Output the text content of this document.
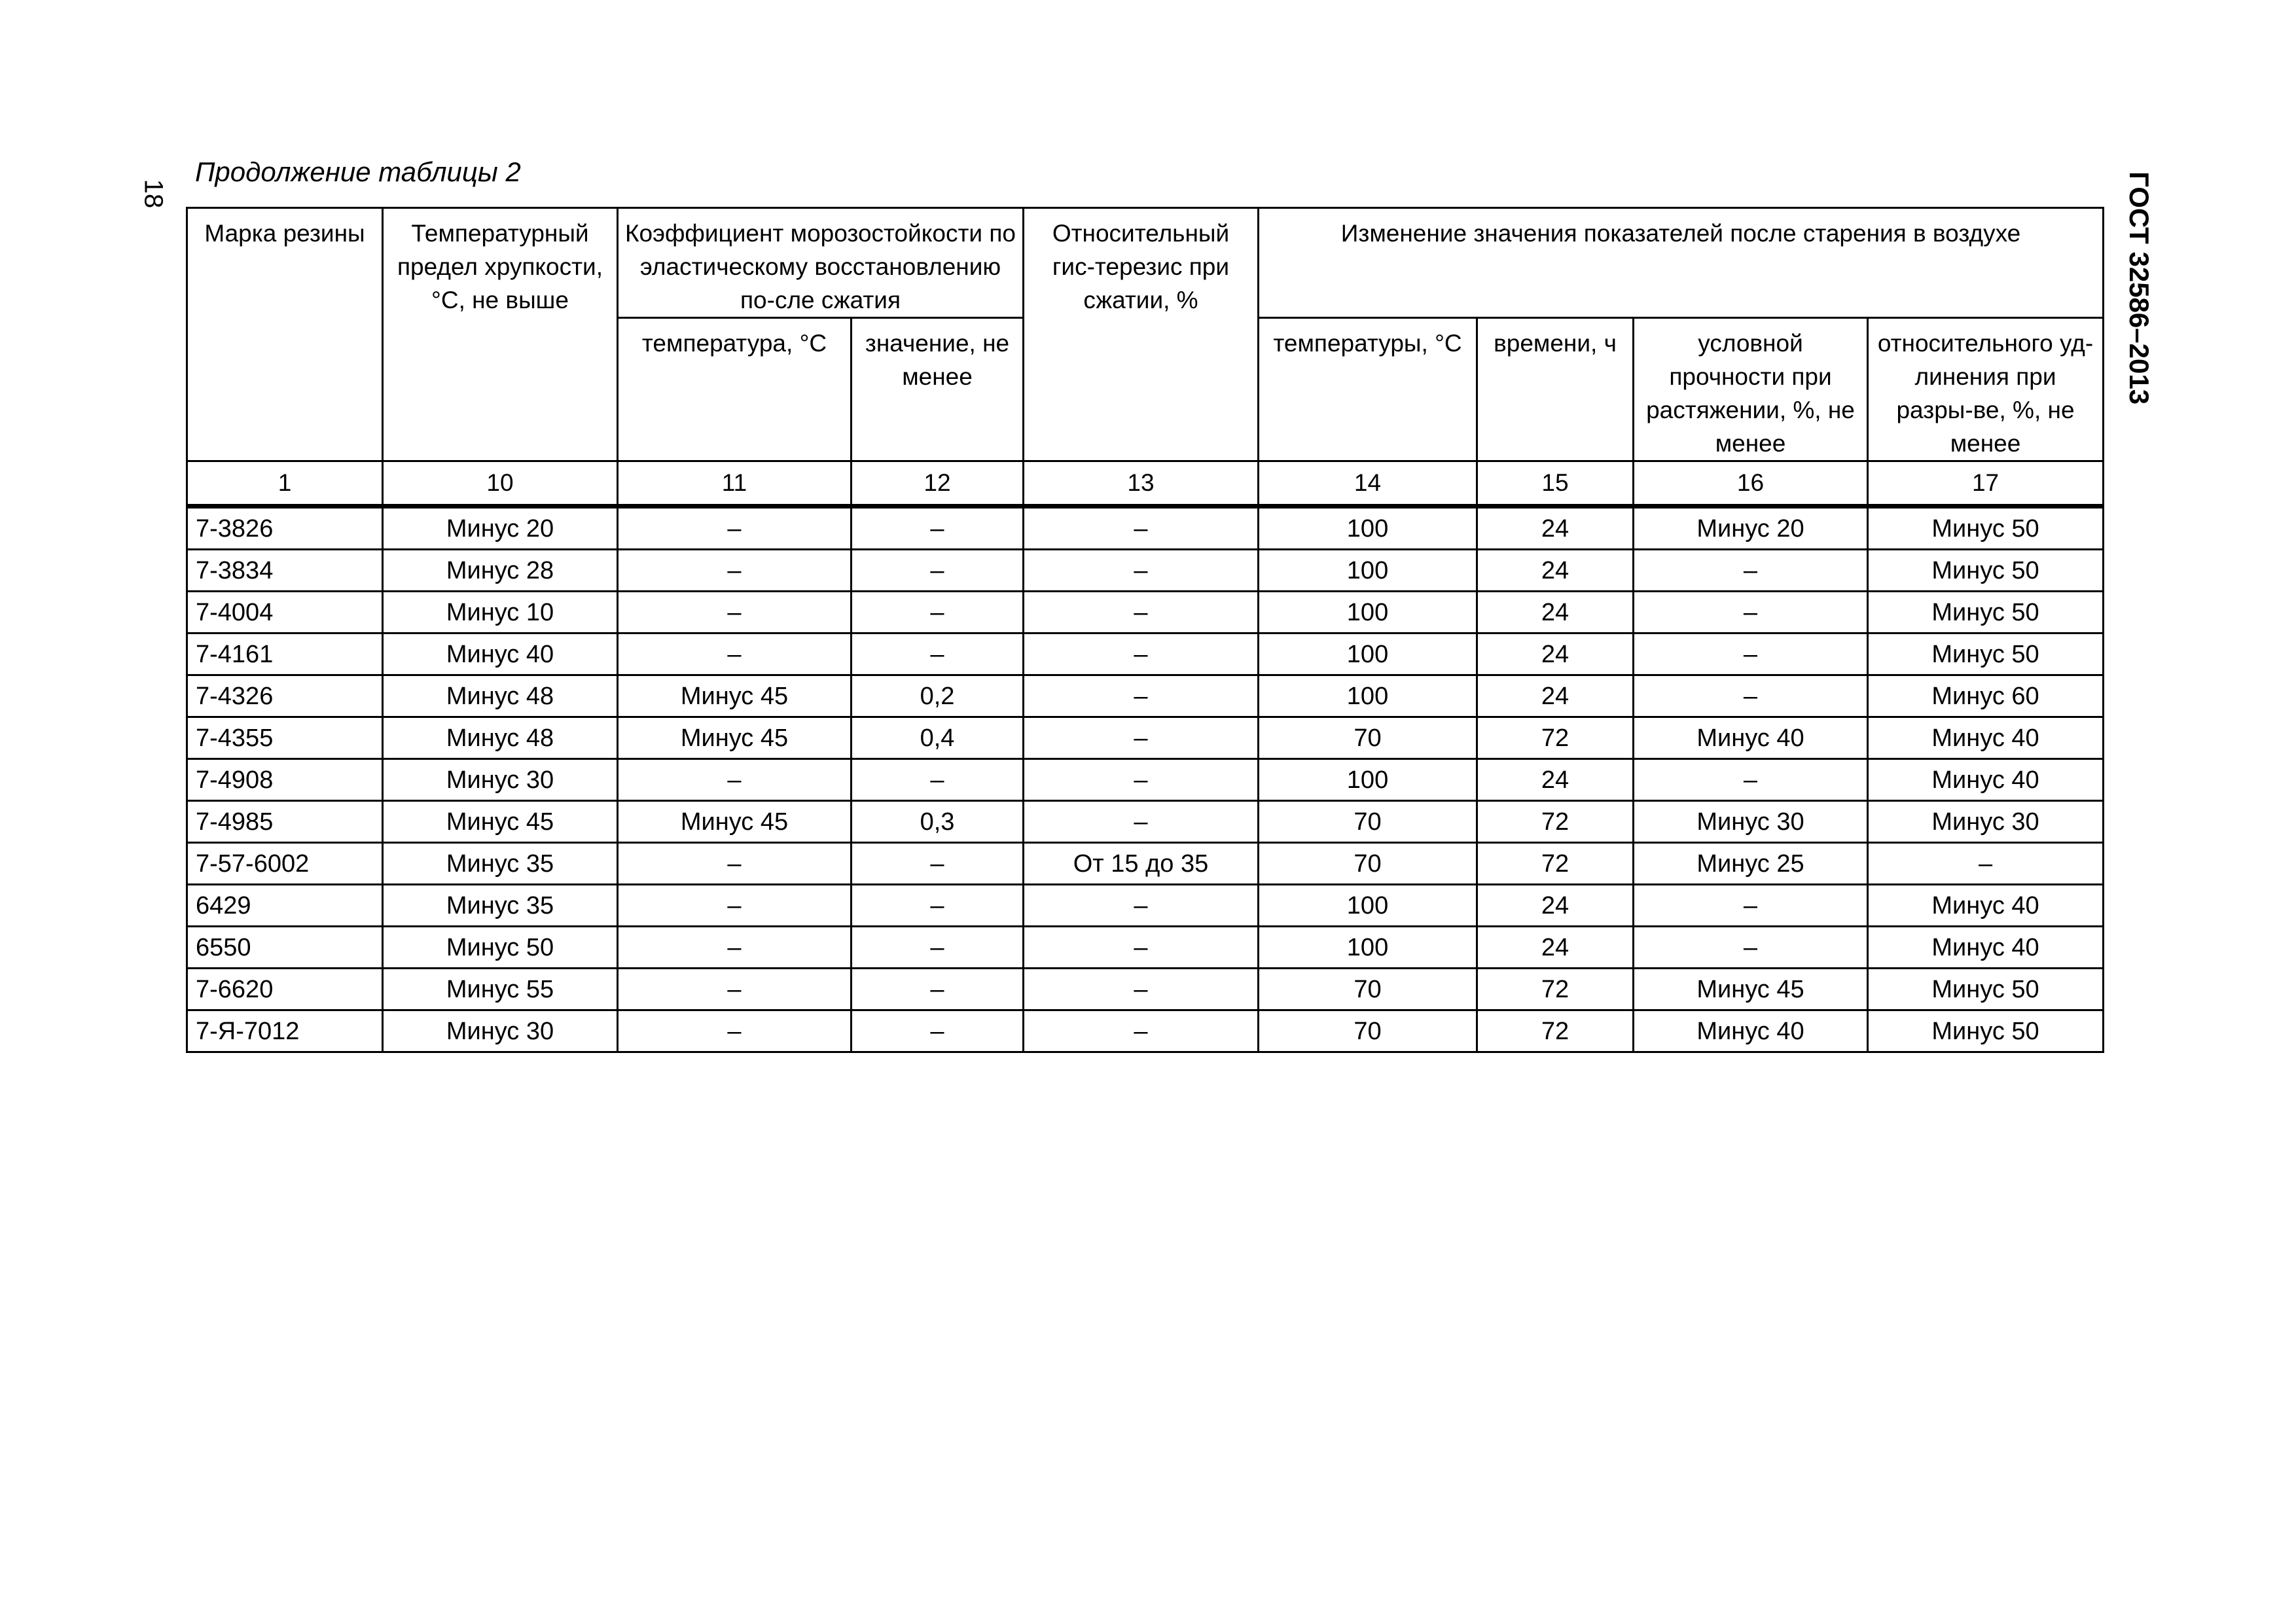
Продолжение таблицы 2
18	ГОСТ 32586–2013
Марка резины	Температурный предел хрупкости, °С, не выше	Коэффициент морозостойкости по эластическому восстановлению по-сле сжатия		Относительный гис-терезис при сжатии, %	Изменение значения показателей после старения в воздухе			
		температура, °С	значение, не менее		температуры, °С	времени, ч	условной прочности при растяжении, %, не менее	относительного уд-линения при разры-ве, %, не менее
1	10	11	12	13	14	15	16	17
7-3826	Минус 20	–	–	–	100	24	Минус 20	Минус 50
7-3834	Минус 28	–	–	–	100	24	–	Минус 50
7-4004	Минус 10	–	–	–	100	24	–	Минус 50
7-4161	Минус 40	–	–	–	100	24	–	Минус 50
7-4326	Минус 48	Минус 45	0,2	–	100	24	–	Минус 60
7-4355	Минус 48	Минус 45	0,4	–	70	72	Минус 40	Минус 40
7-4908	Минус 30	–	–	–	100	24	–	Минус 40
7-4985	Минус 45	Минус 45	0,3	–	70	72	Минус 30	Минус 30
7-57-6002	Минус 35	–	–	От 15 до 35	70	72	Минус 25	–
6429	Минус 35	–	–	–	100	24	–	Минус 40
6550	Минус 50	–	–	–	100	24	–	Минус 40
7-6620	Минус 55	–	–	–	70	72	Минус 45	Минус 50
7-Я-7012	Минус 30	–	–	–	70	72	Минус 40	Минус 50
